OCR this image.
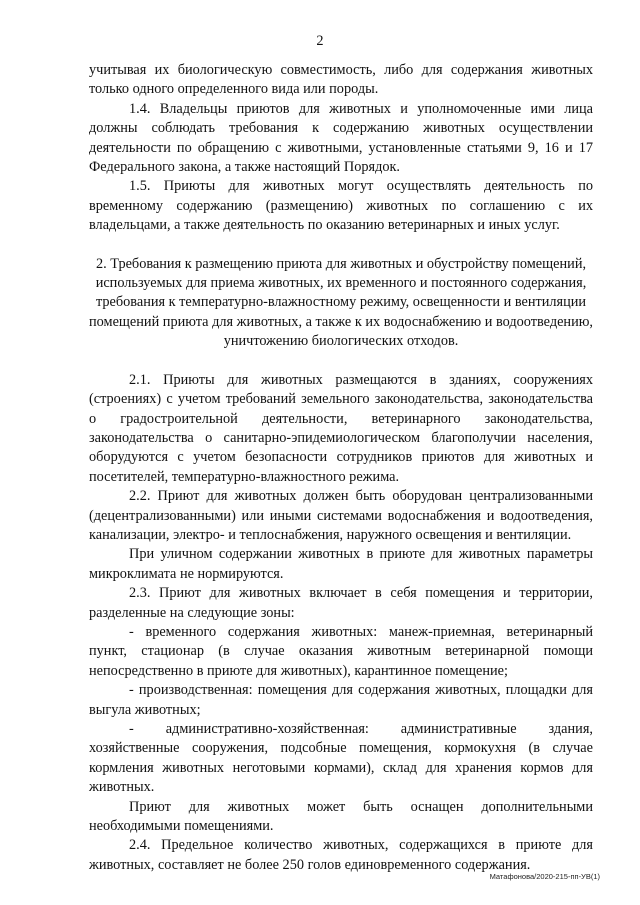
2

учитывая их биологическую совместимость, либо для содержания животных только одного определенного вида или породы.

1.4. Владельцы приютов для животных и уполномоченные ими лица должны соблюдать требования к содержанию животных осуществлении деятельности по обращению с животными, установленные статьями 9, 16 и 17 Федерального закона, а также настоящий Порядок.

1.5. Приюты для животных могут осуществлять деятельность по временному содержанию (размещению) животных по соглашению с их владельцами, а также деятельность по оказанию ветеринарных и иных услуг.

2. Требования к размещению приюта для животных и обустройству помещений, используемых для приема животных, их временного и постоянного содержания, требования к температурно-влажностному режиму, освещенности и вентиляции помещений приюта для животных, а также к их водоснабжению и водоотведению, уничтожению биологических отходов.

2.1. Приюты для животных размещаются в зданиях, сооружениях (строениях) с учетом требований земельного законодательства, законодательства о градостроительной деятельности, ветеринарного законодательства, законодательства о санитарно-эпидемиологическом благополучии населения, оборудуются с учетом безопасности сотрудников приютов для животных и посетителей, температурно-влажностного режима.

2.2. Приют для животных должен быть оборудован централизованными (децентрализованными) или иными системами водоснабжения и водоотведения, канализации, электро- и теплоснабжения, наружного освещения и вентиляции.

При уличном содержании животных в приюте для животных параметры микроклимата не нормируются.

2.3. Приют для животных включает в себя помещения и территории, разделенные на следующие зоны:

- временного содержания животных: манеж-приемная, ветеринарный пункт, стационар (в случае оказания животным ветеринарной помощи непосредственно в приюте для животных), карантинное помещение;

- производственная: помещения для содержания животных, площадки для выгула животных;

- административно-хозяйственная: административные здания, хозяйственные сооружения, подсобные помещения, кормокухня (в случае кормления животных неготовыми кормами), склад для хранения кормов для животных.

Приют для животных может быть оснащен дополнительными необходимыми помещениями.

2.4. Предельное количество животных, содержащихся в приюте для животных, составляет не более 250 голов единовременного содержания.

Матафонова/2020-215-пп-УВ(1)
